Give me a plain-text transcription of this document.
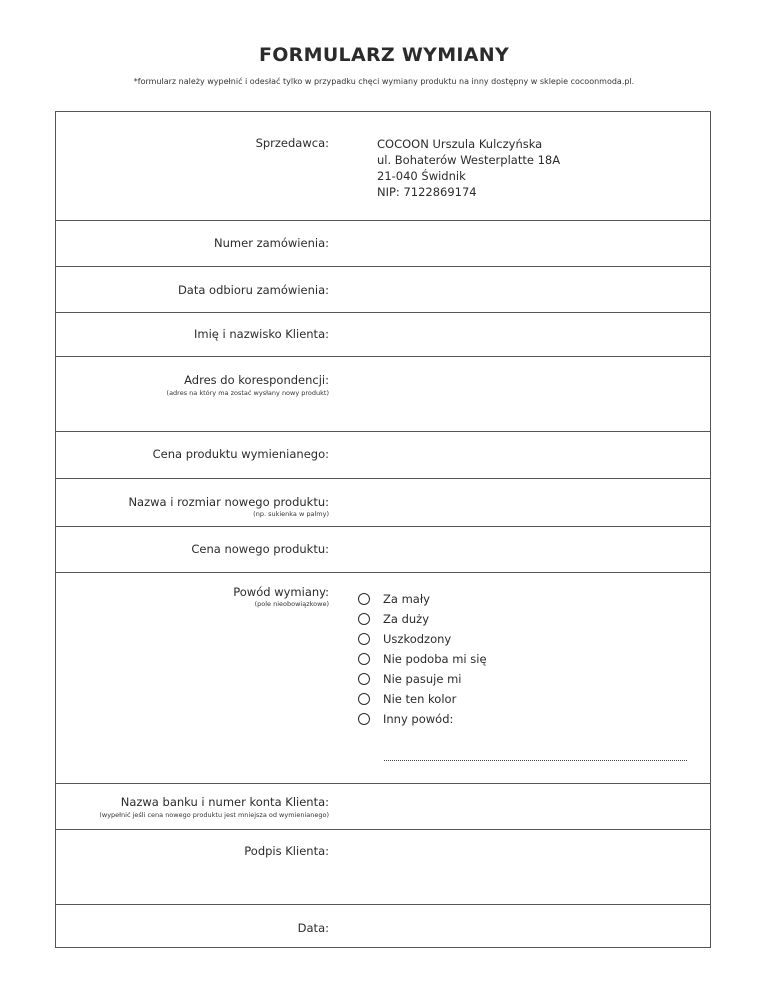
FORMULARZ WYMIANY
*formularz należy wypełnić i odesłać tylko w przypadku chęci wymiany produktu na inny dostępny w sklepie cocoonmoda.pl.
Sprzedawca:	COCOON Urszula Kulczyńska
ul. Bohaterów Westerplatte 18A
21-040 Świdnik
NIP: 7122869174
Numer zamówienia:
Data odbioru zamówienia:
Imię i nazwisko Klienta:
Adres do korespondencji:
(adres na który ma zostać wysłany nowy produkt)
Cena produktu wymienianego:
Nazwa i rozmiar nowego produktu:
(np. sukienka w palmy)
Cena nowego produktu:
Powód wymiany:
(pole nieobowiązkowe)	Za mały
Za duży
Uszkodzony
Nie podoba mi się
Nie pasuje mi
Nie ten kolor
Inny powód:
Nazwa banku i numer konta Klienta:
(wypełnić jeśli cena nowego produktu jest mniejsza od wymienianego)
Podpis Klienta:
Data:
